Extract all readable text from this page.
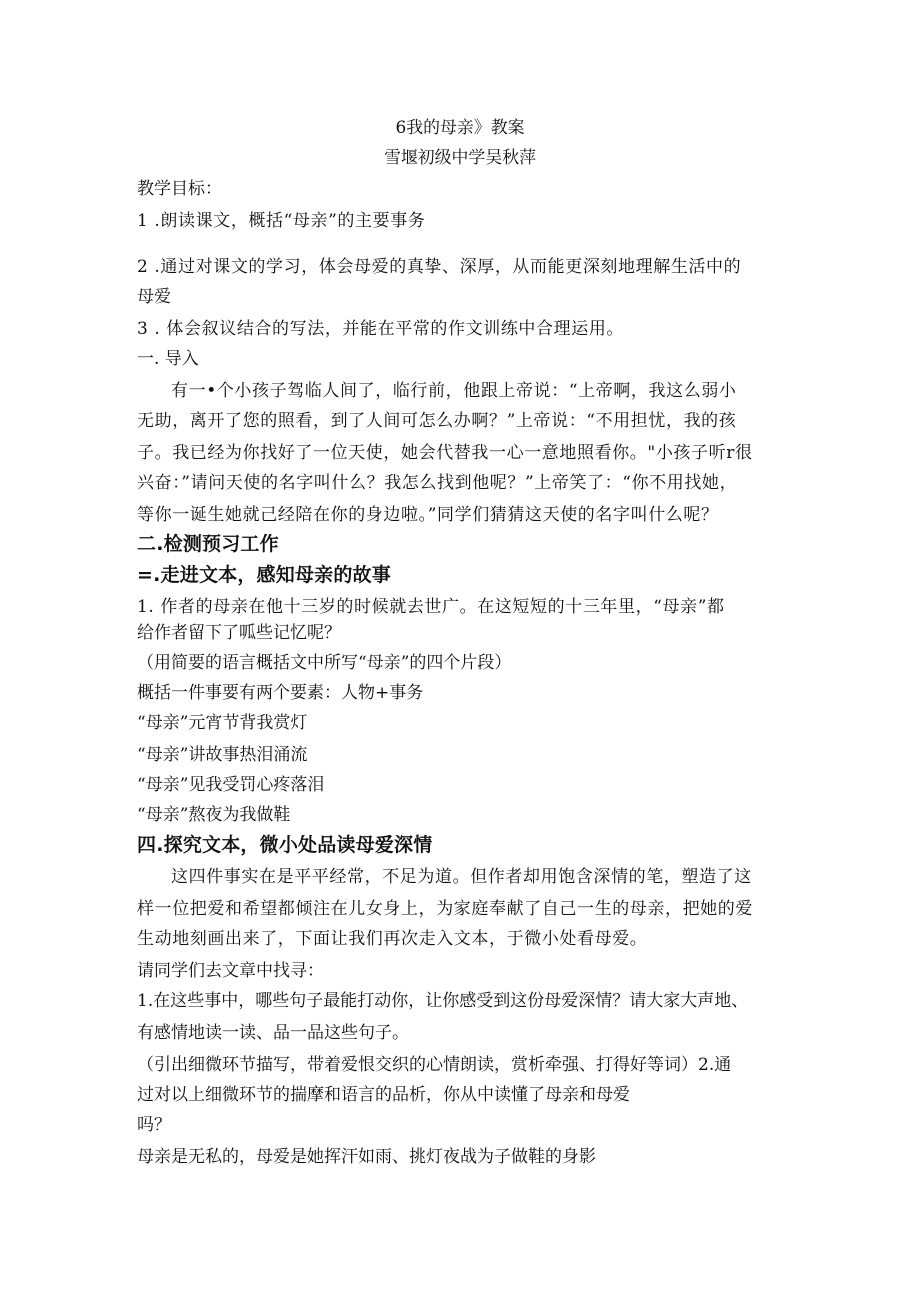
6我的母亲》教案
雪堰初级中学吴秋萍
教学目标：
1 .朗读课文，概括“母亲”的主要事务
2 .通过对课文的学习，体会母爱的真挚、深厚，从而能更深刻地理解生活中的
母爱
3 . 体会叙议结合的写法，并能在平常的作文训练中合理运用。
一. 导入
有一•个小孩子驾临人间了，临行前，他跟上帝说：“上帝啊，我这么弱小
无助，离开了您的照看，到了人间可怎么办啊？”上帝说：“不用担忧，我的孩
子。我已经为你找好了一位天使，她会代替我一心一意地照看你。"小孩子听r很
兴奋：”请问天使的名字叫什么？我怎么找到他呢？”上帝笑了：“你不用找她，
等你一诞生她就己经陪在你的身边啦。”同学们猜猜这天使的名字叫什么呢？
二.检测预习工作
=.走进文本，感知母亲的故事
1. 作者的母亲在他十三岁的时候就去世广。在这短短的十三年里，“母亲”都
给作者留下了呱些记忆呢？
（用简要的语言概括文中所写“母亲”的四个片段）
概括一件事要有两个要素：人物+事务
“母亲”元宵节背我赏灯
“母亲”讲故事热泪涌流
“母亲”见我受罚心疼落泪
“母亲”熬夜为我做鞋
四.探究文本，微小处品读母爱深情
这四件事实在是平平经常，不足为道。但作者却用饱含深情的笔，塑造了这
样一位把爱和希望都倾注在儿女身上，为家庭奉献了自己一生的母亲，把她的爱
生动地刻画出来了，下面让我们再次走入文本，于微小处看母爱。
请同学们去文章中找寻：
1.在这些事中，哪些句子最能打动你，让你感受到这份母爱深情？请大家大声地、
有感情地读一读、品一品这些句子。
（引出细微环节描写，带着爱恨交织的心情朗读，赏析牵强、打得好等词）2.通
过对以上细微环节的揣摩和语言的品析，你从中读懂了母亲和母爱
吗？
母亲是无私的，母爱是她挥汗如雨、挑灯夜战为子做鞋的身影
